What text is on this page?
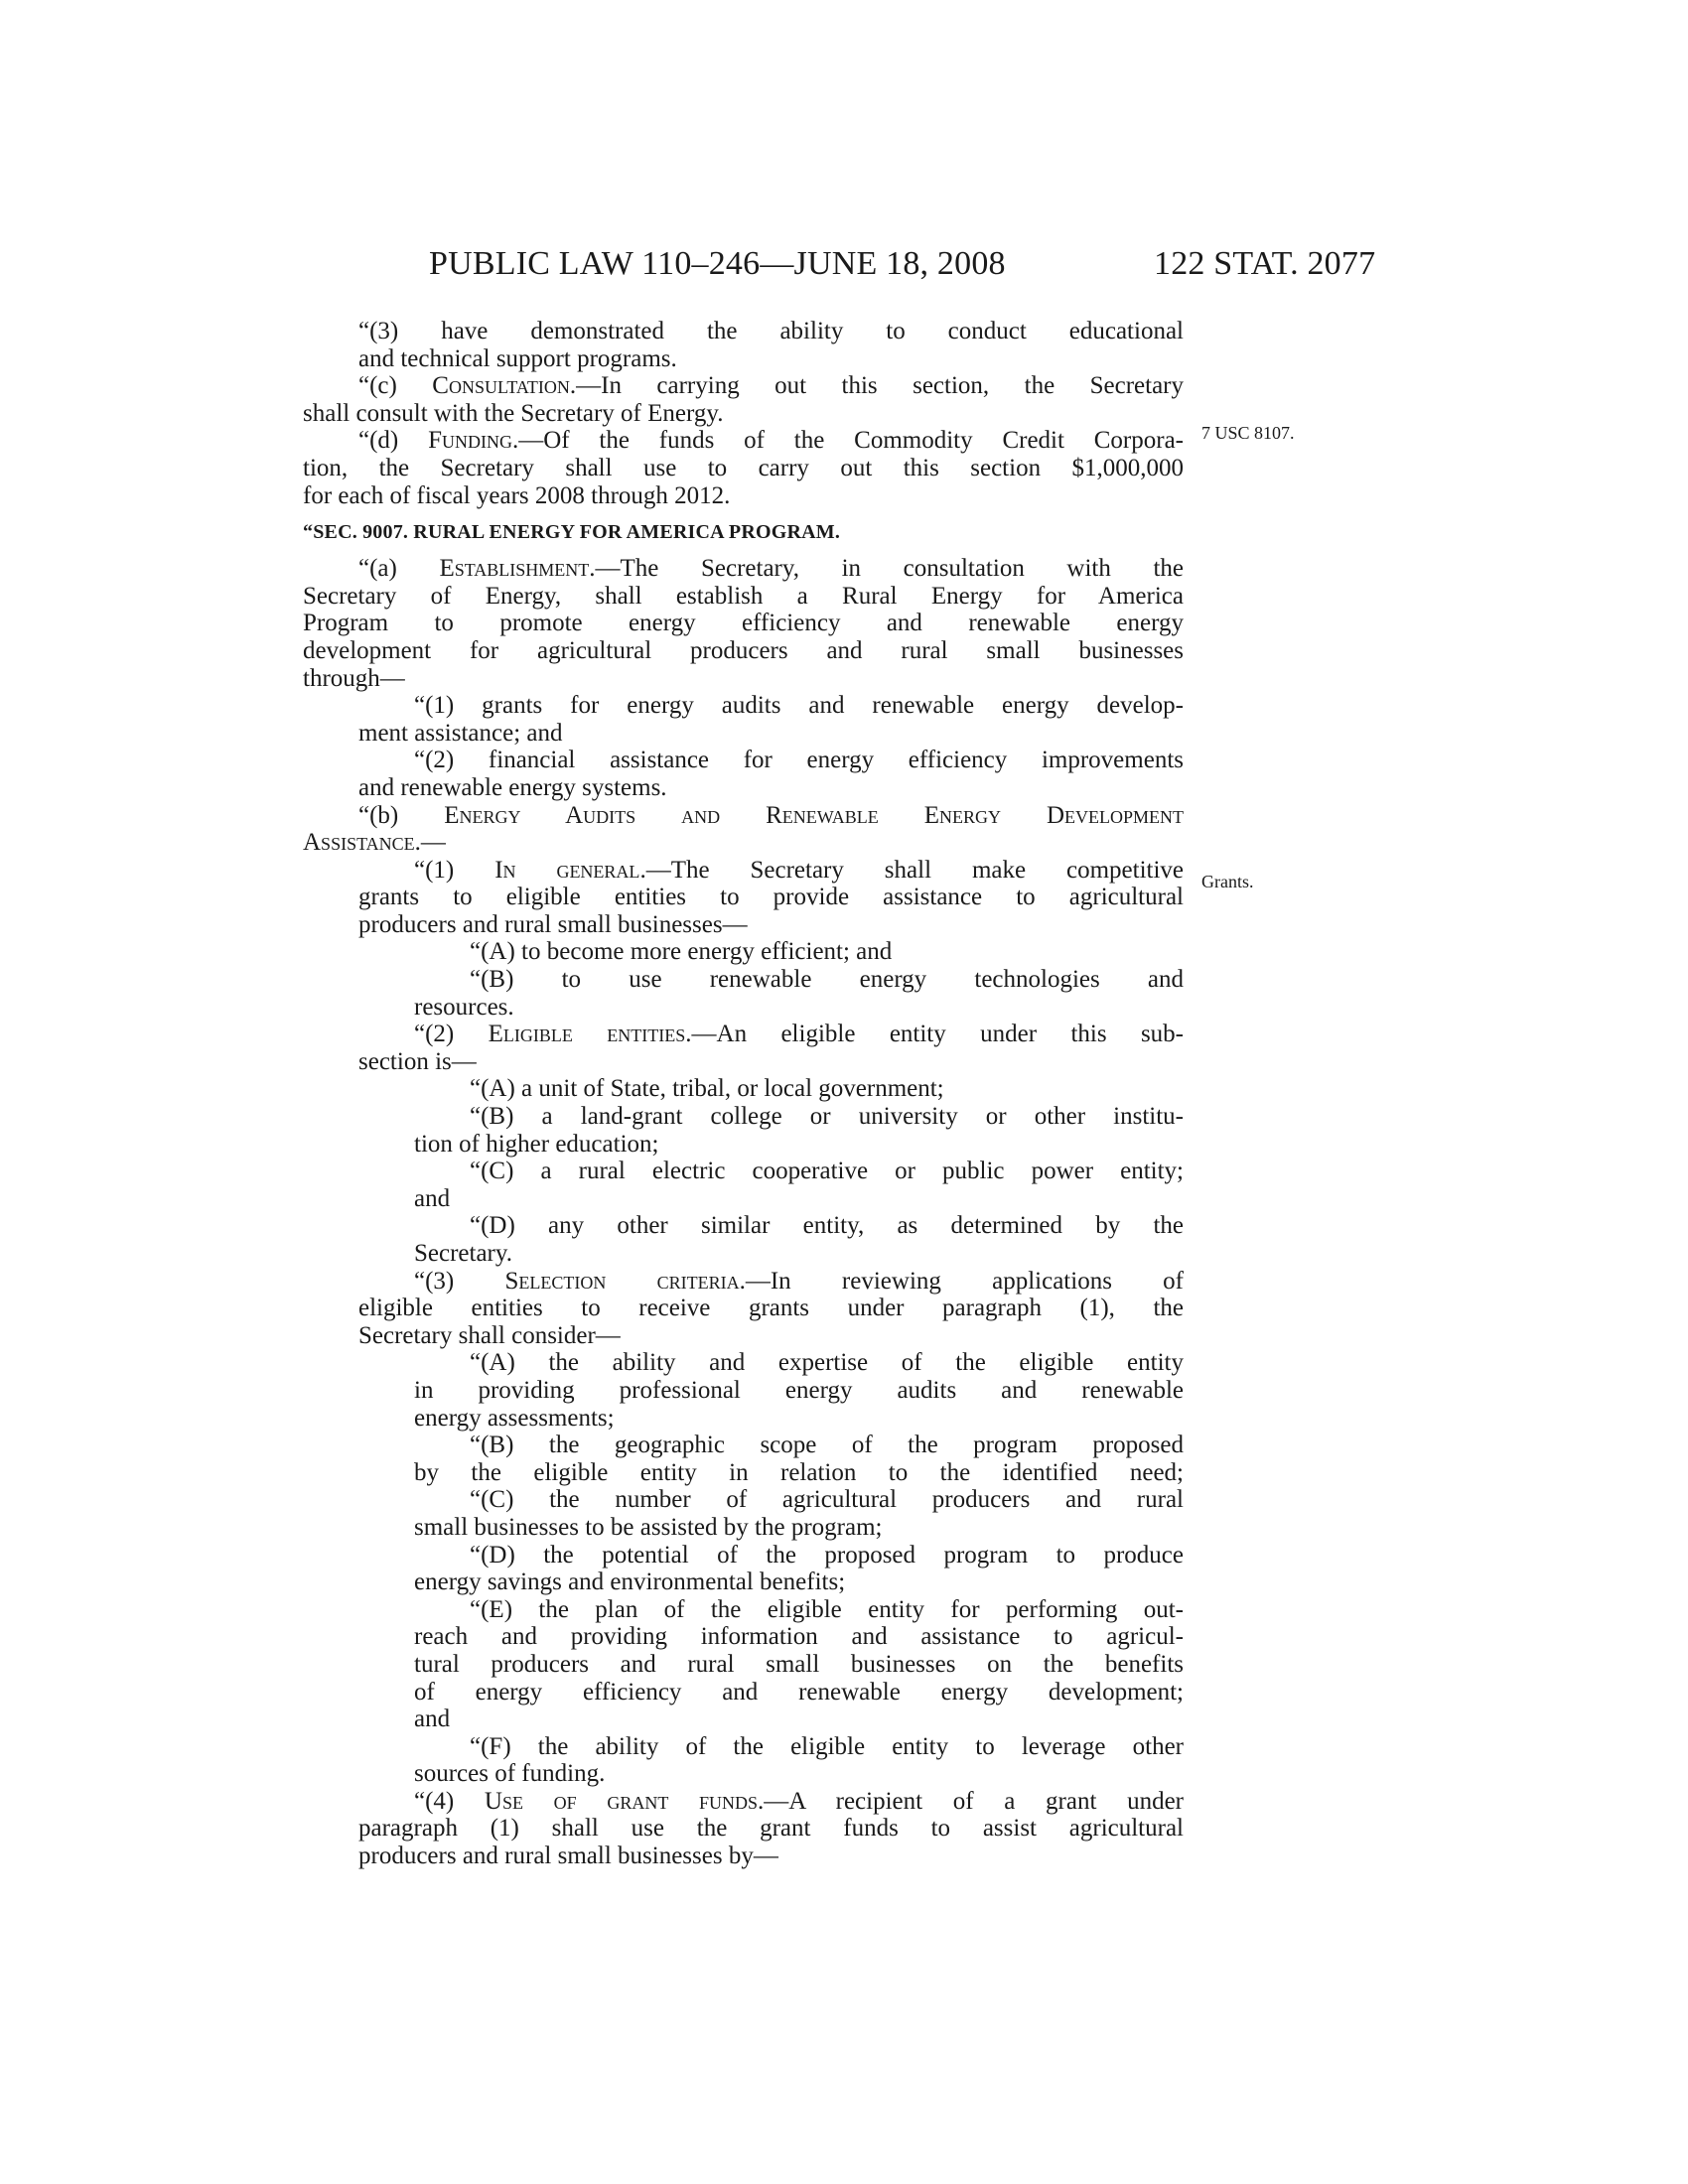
PUBLIC LAW 110–246—JUNE 18, 2008	122 STAT. 2077
7 USC 8107.
Grants.
“(3) have demonstrated the ability to conduct educational
and technical support programs.
“(c) Consultation.—In carrying out this section, the Secretary
shall consult with the Secretary of Energy.
“(d) Funding.—Of the funds of the Commodity Credit Corpora-
tion, the Secretary shall use to carry out this section $1,000,000
for each of fiscal years 2008 through 2012.
“SEC. 9007. RURAL ENERGY FOR AMERICA PROGRAM.
“(a) Establishment.—The Secretary, in consultation with the
Secretary of Energy, shall establish a Rural Energy for America
Program to promote energy efficiency and renewable energy
development for agricultural producers and rural small businesses
through—
“(1) grants for energy audits and renewable energy develop-
ment assistance; and
“(2) financial assistance for energy efficiency improvements
and renewable energy systems.
“(b) Energy Audits and Renewable Energy Development
Assistance.—
“(1) In general.—The Secretary shall make competitive
grants to eligible entities to provide assistance to agricultural
producers and rural small businesses—
“(A) to become more energy efficient; and
“(B) to use renewable energy technologies and
resources.
“(2) Eligible entities.—An eligible entity under this sub-
section is—
“(A) a unit of State, tribal, or local government;
“(B) a land-grant college or university or other institu-
tion of higher education;
“(C) a rural electric cooperative or public power entity;
and
“(D) any other similar entity, as determined by the
Secretary.
“(3) Selection criteria.—In reviewing applications of
eligible entities to receive grants under paragraph (1), the
Secretary shall consider—
“(A) the ability and expertise of the eligible entity
in providing professional energy audits and renewable
energy assessments;
“(B) the geographic scope of the program proposed
by the eligible entity in relation to the identified need;
“(C) the number of agricultural producers and rural
small businesses to be assisted by the program;
“(D) the potential of the proposed program to produce
energy savings and environmental benefits;
“(E) the plan of the eligible entity for performing out-
reach and providing information and assistance to agricul-
tural producers and rural small businesses on the benefits
of energy efficiency and renewable energy development;
and
“(F) the ability of the eligible entity to leverage other
sources of funding.
“(4) Use of grant funds.—A recipient of a grant under
paragraph (1) shall use the grant funds to assist agricultural
producers and rural small businesses by—
